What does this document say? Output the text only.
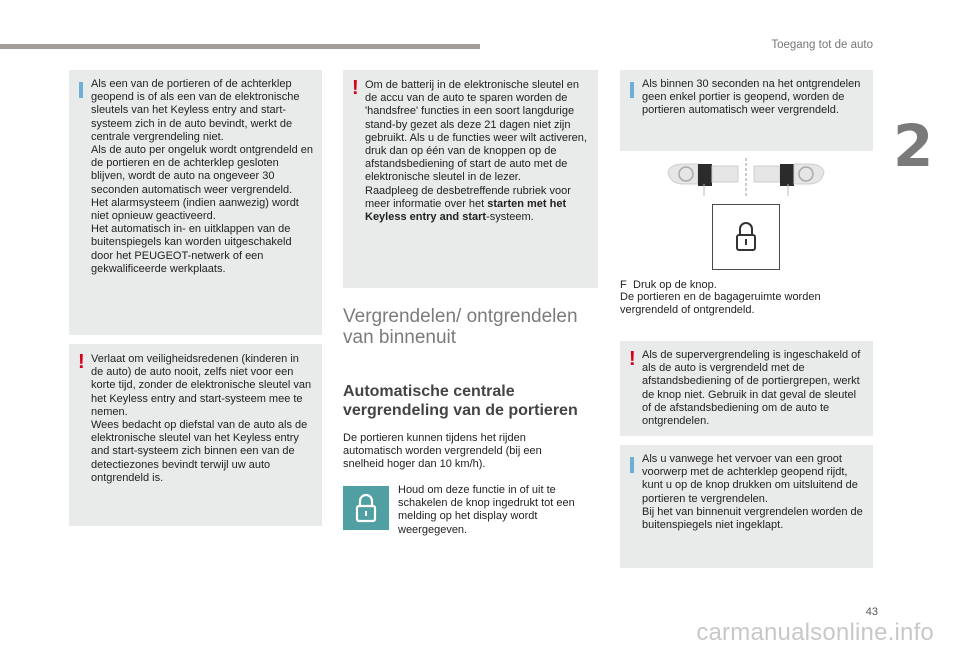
Toegang tot de auto
2

Als een van de portieren of de achterklep geopend is of als een van de elektronische sleutels van het Keyless entry and start-systeem zich in de auto bevindt, werkt de centrale vergrendeling niet.

Als de auto per ongeluk wordt ontgrendeld en de portieren en de achterklep gesloten blijven, wordt de auto na ongeveer 30 seconden automatisch weer vergrendeld.

Het alarmsysteem (indien aanwezig) wordt niet opnieuw geactiveerd.

Het automatisch in- en uitklappen van de buitenspiegels kan worden uitgeschakeld door het PEUGEOT-netwerk of een gekwalificeerde werkplaats.

! Verlaat om veiligheidsredenen (kinderen in de auto) de auto nooit, zelfs niet voor een korte tijd, zonder de elektronische sleutel van het Keyless entry and start-systeem mee te nemen.

Wees bedacht op diefstal van de auto als de elektronische sleutel van het Keyless entry and start-systeem zich binnen een van de detectiezones bevindt terwijl uw auto ontgrendeld is.

! Om de batterij in de elektronische sleutel en de accu van de auto te sparen worden de 'handsfree' functies in een soort langdurige stand-by gezet als deze 21 dagen niet zijn gebruikt. Als u de functies weer wilt activeren, druk dan op één van de knoppen op de afstandsbediening of start de auto met de elektronische sleutel in de lezer.

Raadpleeg de desbetreffende rubriek voor meer informatie over het starten met het Keyless entry and start-systeem.

Vergrendelen/ ontgrendelen van binnenuit
Automatische centrale vergrendeling van de portieren
De portieren kunnen tijdens het rijden automatisch worden vergrendeld (bij een snelheid hoger dan 10 km/h).
Houd om deze functie in of uit te schakelen de knop ingedrukt tot een melding op het display wordt weergegeven.

Als binnen 30 seconden na het ontgrendelen geen enkel portier is geopend, worden de portieren automatisch weer vergrendeld.

F Druk op de knop.
De portieren en de bagageruimte worden vergrendeld of ontgrendeld.
! Als de supervergrendeling is ingeschakeld of als de auto is vergrendeld met de afstandsbediening of de portiergrepen, werkt de knop niet. Gebruik in dat geval de sleutel of de afstandsbediening om de auto te ontgrendelen.

Als u vanwege het vervoer van een groot voorwerp met de achterklep geopend rijdt, kunt u op de knop drukken om uitsluitend de portieren te vergrendelen.

Bij het van binnenuit vergrendelen worden de buitenspiegels niet ingeklapt.

43
carmanualsonline.info
